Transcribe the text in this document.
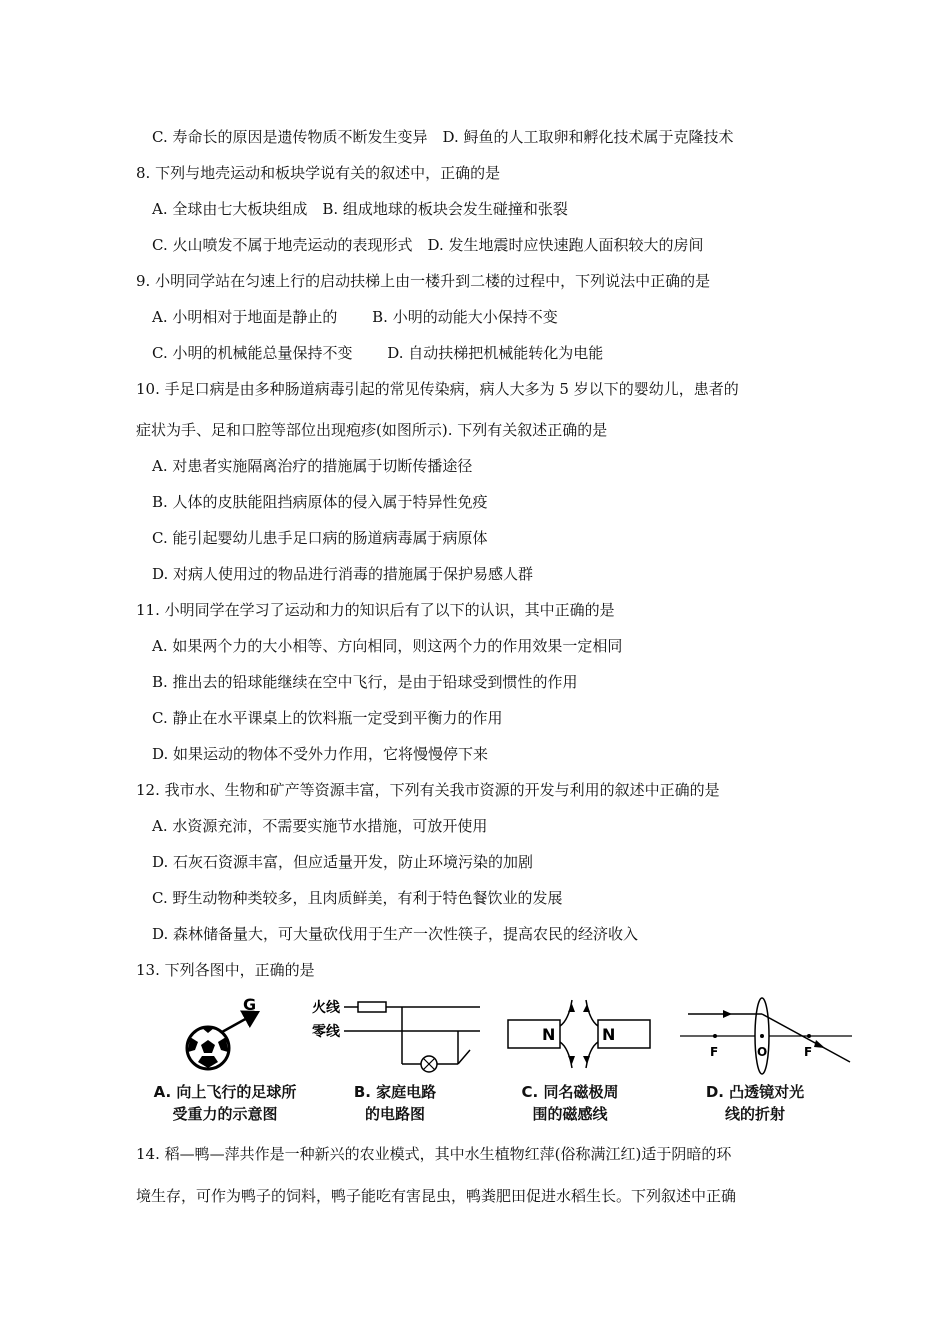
C. 寿命长的原因是遗传物质不断发生变异　D. 鲟鱼的人工取卵和孵化技术属于克隆技术
8. 下列与地壳运动和板块学说有关的叙述中，正确的是
A. 全球由七大板块组成　B. 组成地球的板块会发生碰撞和张裂
C. 火山喷发不属于地壳运动的表现形式　D. 发生地震时应快速跑人面积较大的房间
9. 小明同学站在匀速上行的启动扶梯上由一楼升到二楼的过程中，下列说法中正确的是
A. 小明相对于地面是静止的　　 B. 小明的动能大小保持不变
C. 小明的机械能总量保持不变　　 D. 自动扶梯把机械能转化为电能
10. 手足口病是由多种肠道病毒引起的常见传染病，病人大多为 5 岁以下的婴幼儿，患者的
症状为手、足和口腔等部位出现疱疹(如图所示). 下列有关叙述正确的是
A. 对患者实施隔离治疗的措施属于切断传播途径
B. 人体的皮肤能阻挡病原体的侵入属于特异性免疫
C. 能引起婴幼儿患手足口病的肠道病毒属于病原体
D. 对病人使用过的物品进行消毒的措施属于保护易感人群
11. 小明同学在学习了运动和力的知识后有了以下的认识，其中正确的是
A. 如果两个力的大小相等、方向相同，则这两个力的作用效果一定相同
B. 推出去的铅球能继续在空中飞行，是由于铅球受到惯性的作用
C. 静止在水平课桌上的饮料瓶一定受到平衡力的作用
D. 如果运动的物体不受外力作用，它将慢慢停下来
12. 我市水、生物和矿产等资源丰富，下列有关我市资源的开发与利用的叙述中正确的是
A. 水资源充沛，不需要实施节水措施，可放开使用
D. 石灰石资源丰富，但应适量开发，防止环境污染的加剧
C. 野生动物种类较多，且肉质鲜美，有利于特色餐饮业的发展
D. 森林储备量大，可大量砍伐用于生产一次性筷子，提高农民的经济收入
13. 下列各图中，正确的是
G	火线
零线	N	N
F	O	F
A. 向上飞行的足球所
受重力的示意图
B. 家庭电路
的电路图
C. 同名磁极周
围的磁感线
D. 凸透镜对光
线的折射
14. 稻—鸭—萍共作是一种新兴的农业模式，其中水生植物红萍(俗称满江红)适于阴暗的环
境生存，可作为鸭子的饲料，鸭子能吃有害昆虫，鸭粪肥田促进水稻生长。下列叙述中正确
